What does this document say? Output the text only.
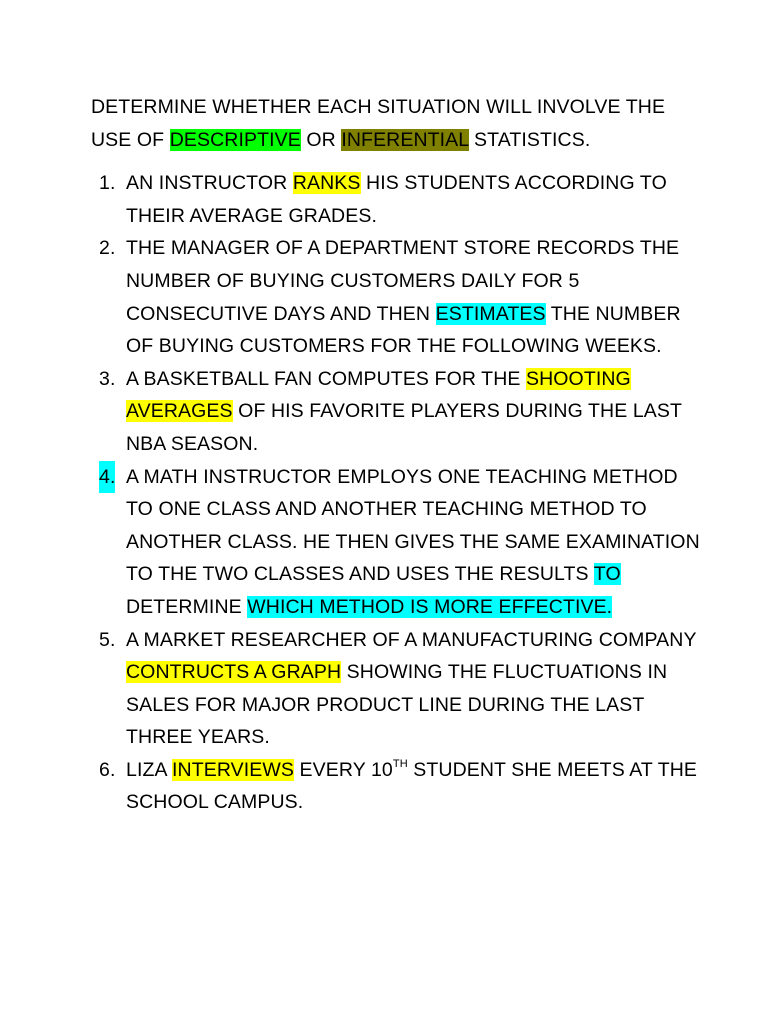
DETERMINE WHETHER EACH SITUATION WILL INVOLVE THE USE OF DESCRIPTIVE OR INFERENTIAL STATISTICS.

1. AN INSTRUCTOR RANKS HIS STUDENTS ACCORDING TO THEIR AVERAGE GRADES.
2. THE MANAGER OF A DEPARTMENT STORE RECORDS THE NUMBER OF BUYING CUSTOMERS DAILY FOR 5 CONSECUTIVE DAYS AND THEN ESTIMATES THE NUMBER OF BUYING CUSTOMERS FOR THE FOLLOWING WEEKS.
3. A BASKETBALL FAN COMPUTES FOR THE SHOOTING AVERAGES OF HIS FAVORITE PLAYERS DURING THE LAST NBA SEASON.
4. A MATH INSTRUCTOR EMPLOYS ONE TEACHING METHOD TO ONE CLASS AND ANOTHER TEACHING METHOD TO ANOTHER CLASS. HE THEN GIVES THE SAME EXAMINATION TO THE TWO CLASSES AND USES THE RESULTS TO DETERMINE WHICH METHOD IS MORE EFFECTIVE.
5. A MARKET RESEARCHER OF A MANUFACTURING COMPANY CONTRUCTS A GRAPH SHOWING THE FLUCTUATIONS IN SALES FOR MAJOR PRODUCT LINE DURING THE LAST THREE YEARS.
6. LIZA INTERVIEWS EVERY 10TH STUDENT SHE MEETS AT THE SCHOOL CAMPUS.
